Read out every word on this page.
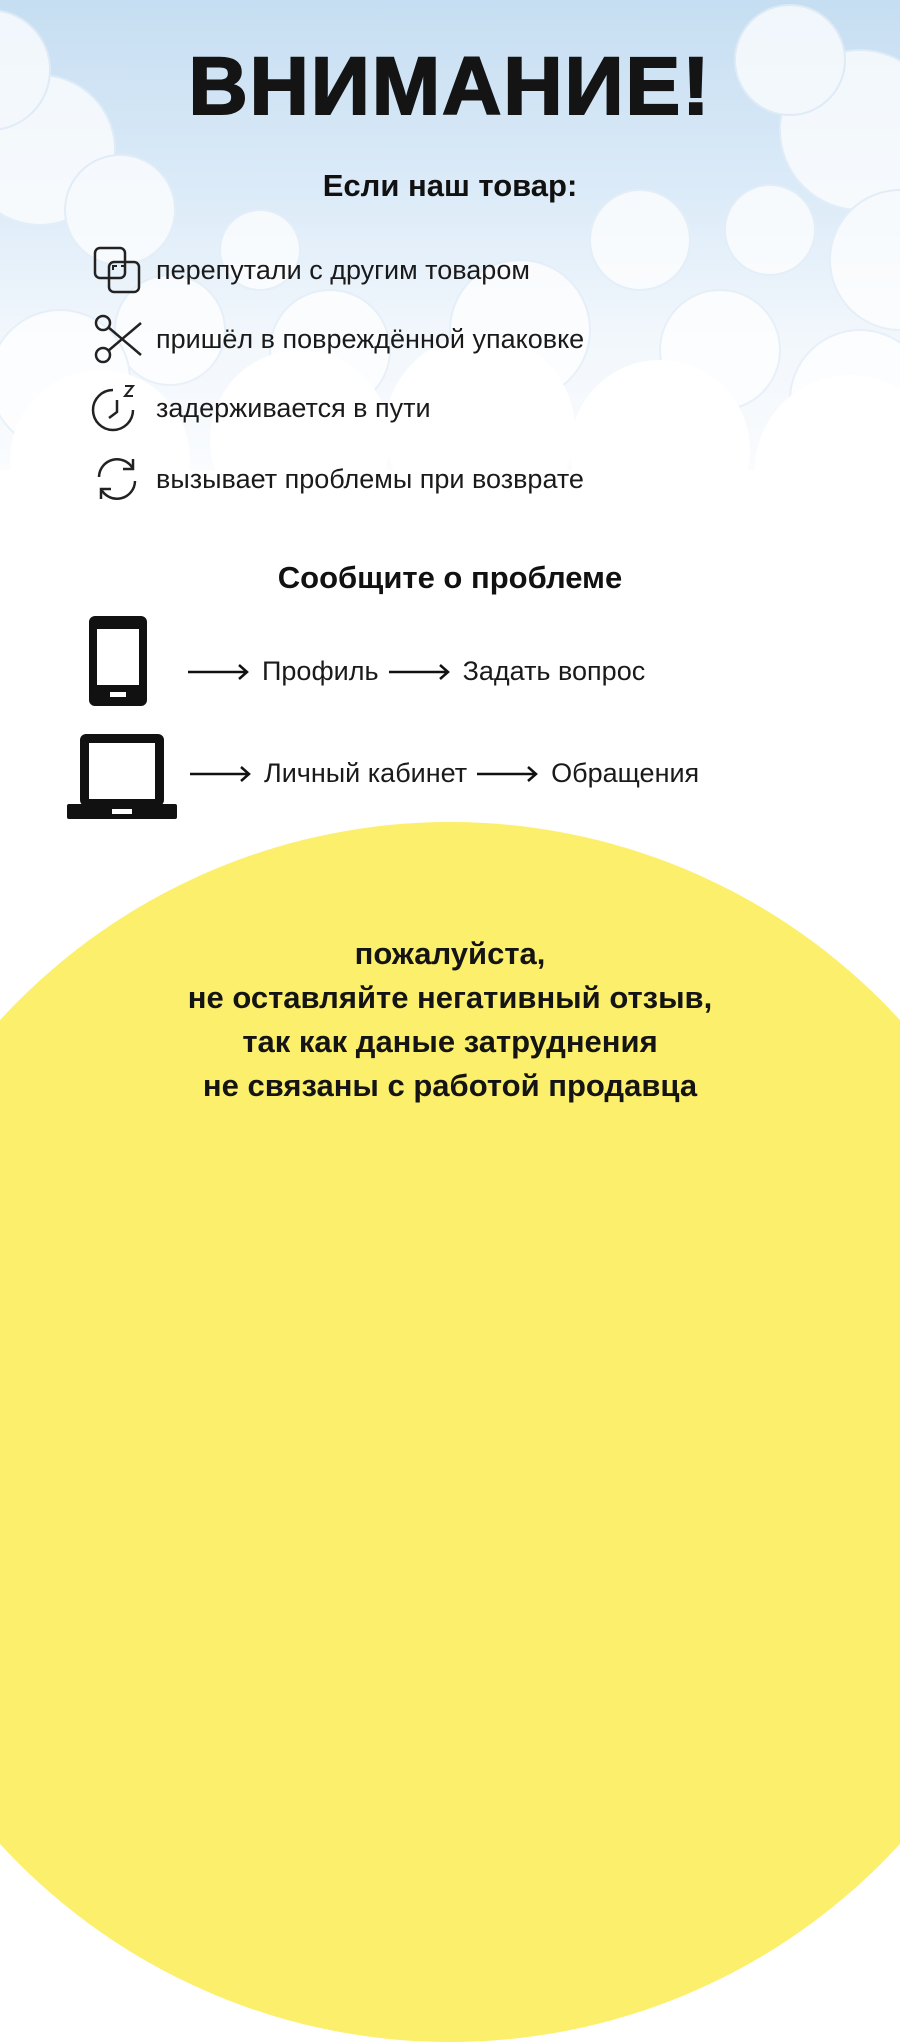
ВНИМАНИЕ!
Если наш товар:
перепутали с другим товаром
пришёл в повреждённой упаковке
задерживается в пути
вызывает проблемы при возврате
Сообщите о проблеме
Профиль	Задать вопрос
Личный кабинет	Обращения
пожалуйста,
не оставляйте негативный отзыв,
так как даные затруднения
не связаны с работой продавца
